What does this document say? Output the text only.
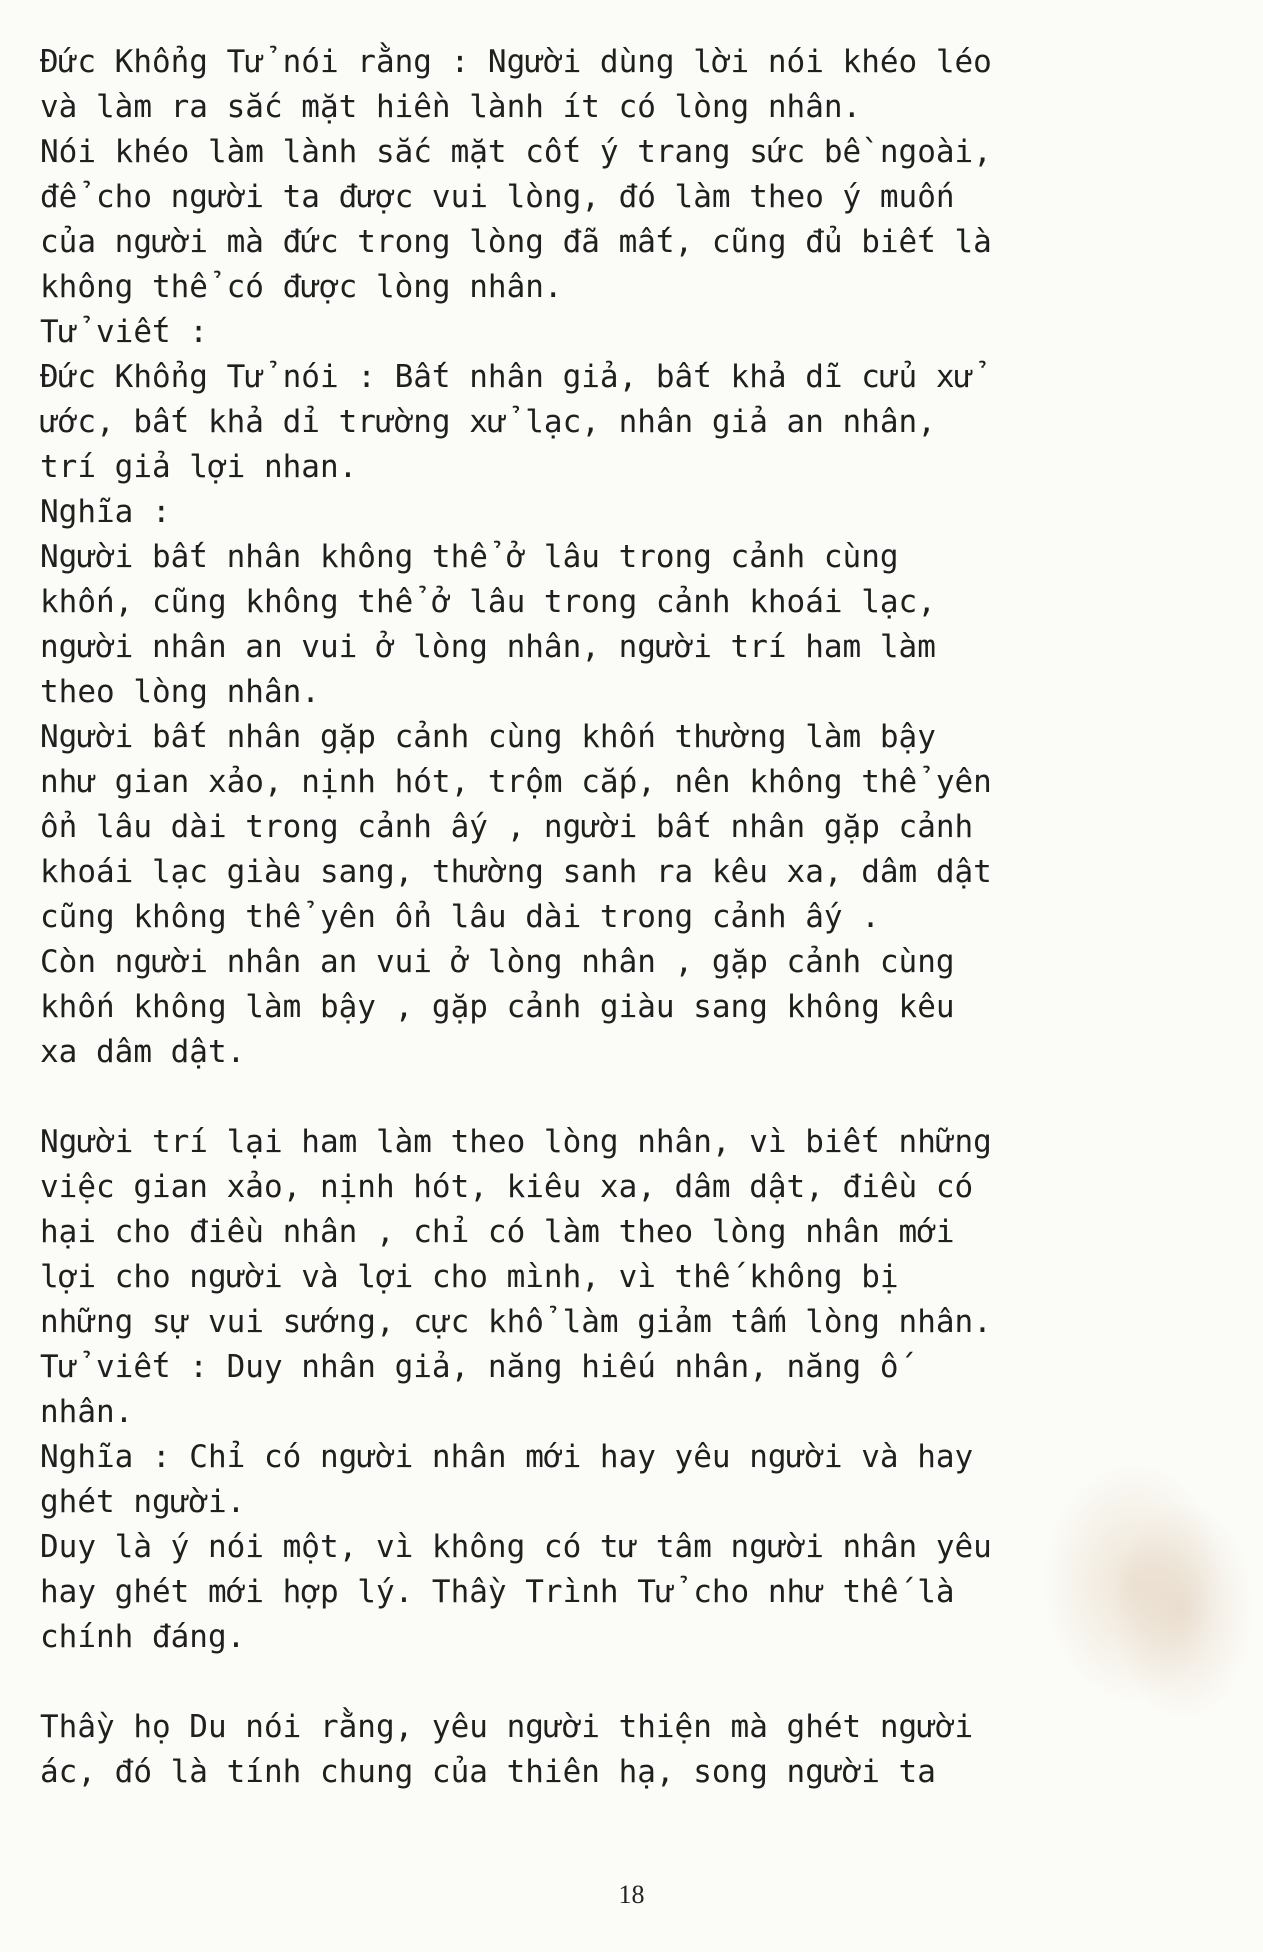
Đức Khổng Tử nói rằng : Người dùng lời nói khéo léo
và làm ra sắc mặt hiền lành ít có lòng nhân.
Nói khéo làm lành sắc mặt cốt ý trang sức bề ngoài,
để cho người ta được vui lòng, đó làm theo ý muốn
của người mà đức trong lòng đã mất, cũng đủ biết là
không thể có được lòng nhân.
Tử viết :
Đức Khổng Tử nói : Bất nhân giả, bất khả dĩ cửu xử
ước, bất khả dỉ trường xử lạc, nhân giả an nhân,
trí giả lợi nhan.
Nghĩa :
Người bất nhân không thể ở lâu trong cảnh cùng
khốn, cũng không thể ở lâu trong cảnh khoái lạc,
người nhân an vui ở lòng nhân, người trí ham làm
theo lòng nhân.
Người bất nhân gặp cảnh cùng khốn thường làm bậy
như gian xảo, nịnh hót, trộm cắp, nên không thể yên
ổn lâu dài trong cảnh ấy , người bất nhân gặp cảnh
khoái lạc giàu sang, thường sanh ra kêu xa, dâm dật
cũng không thể yên ổn lâu dài trong cảnh ấy .
Còn người nhân an vui ở lòng nhân , gặp cảnh cùng
khốn không làm bậy , gặp cảnh giàu sang không kêu
xa dâm dật.
Người trí lại ham làm theo lòng nhân, vì biết những
việc gian xảo, nịnh hót, kiêu xa, dâm dật, điều có
hại cho điều nhân , chỉ có làm theo lòng nhân mới
lợi cho người và lợi cho mình, vì thế không bị
những sự vui sướng, cực khổ làm giảm tấm lòng nhân.
Tử viết : Duy nhân giả, năng hiếu nhân, năng ố
nhân.
Nghĩa : Chỉ có người nhân mới hay yêu người và hay
ghét người.
Duy là ý nói một, vì không có tư tâm người nhân yêu
hay ghét mới hợp lý. Thầy Trình Tử cho như thế là
chính đáng.
Thầy họ Du nói rằng, yêu người thiện mà ghét người
ác, đó là tính chung của thiên hạ, song người ta
18
